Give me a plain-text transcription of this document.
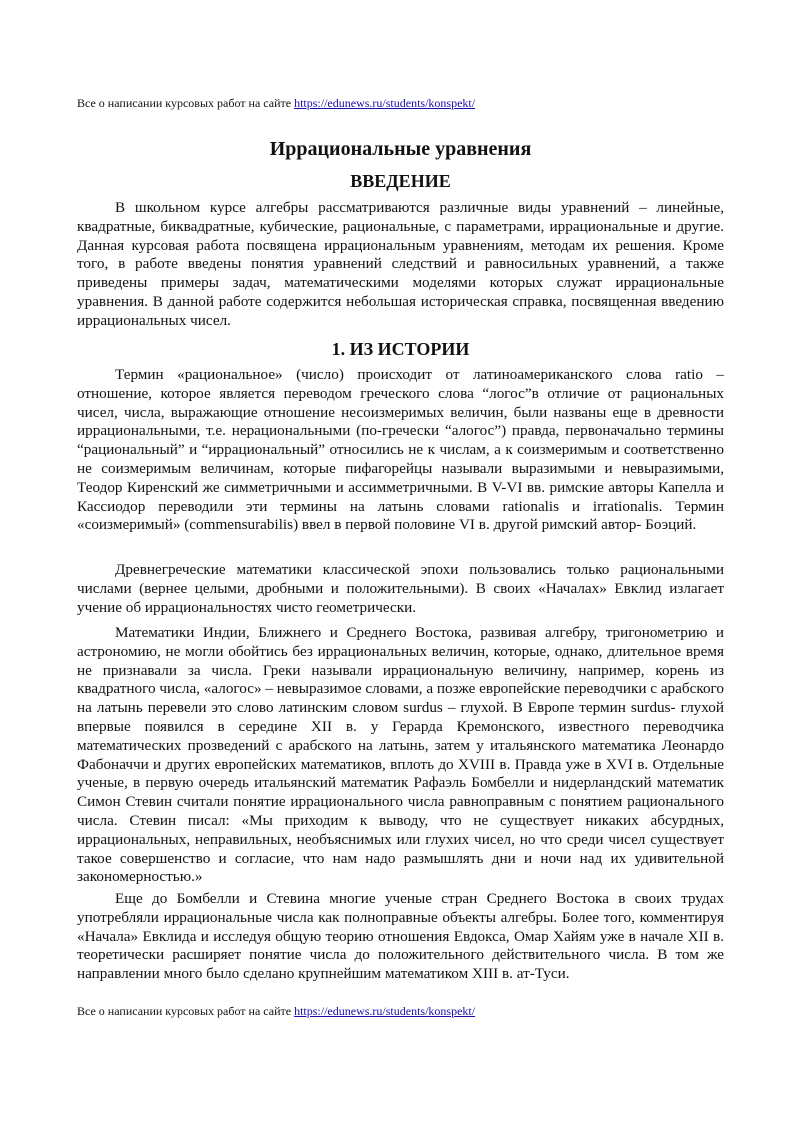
Все о написании курсовых работ на сайте https://edunews.ru/students/konspekt/
Иррациональные уравнения
ВВЕДЕНИЕ

В школьном курсе алгебры рассматриваются различные виды уравнений – линейные, квадратные, биквадратные, кубические, рациональные, с параметрами, иррациональные и другие. Данная курсовая работа посвящена иррациональным уравнениям, методам их решения. Кроме того, в работе введены понятия уравнений следствий и равносильных уравнений, а также приведены примеры задач, математическими моделями которых служат иррациональные уравнения. В данной работе содержится небольшая историческая справка, посвященная введению иррациональных чисел.

1. ИЗ ИСТОРИИ

Термин «рациональное» (число) происходит от латиноамериканского слова ratio – отношение, которое является переводом греческого слова “логос”в отличие от рациональных чисел, числа, выражающие отношение несоизмеримых величин, были названы еще в древности иррациональными, т.е. нерациональными (по-гречески “алогос”) правда, первоначально термины “рациональный” и “иррациональный” относились не к числам, а к соизмеримым и соответственно не соизмеримым величинам, которые пифагорейцы называли выразимыми и невыразимыми, Теодор Киренский же симметричными и ассимметричными. В V-VI вв. римские авторы Капелла и Кассиодор переводили эти термины на латынь словами rationalis и irrationalis. Термин «соизмеримый» (commensurabilis) ввел в первой половине VI в. другой римский автор- Боэций.

Древнегреческие математики классической эпохи пользовались только рациональными числами (вернее целыми, дробными и положительными). В своих «Началах» Евклид излагает учение об иррациональностях чисто геометрически.

Математики Индии, Ближнего и Среднего Востока, развивая алгебру, тригонометрию и астрономию, не могли обойтись без иррациональных величин, которые, однако, длительное время не признавали за числа. Греки называли иррациональную величину, например, корень из квадратного числа, «алогос» – невыразимое словами, а позже европейские переводчики с арабского на латынь перевели это слово латинским словом surdus – глухой. В Европе термин surdus- глухой впервые появился в середине XII в. у Герарда Кремонского, известного переводчика математических прозведений с арабского на латынь, затем у итальянского математика Леонардо Фабоначчи и других европейских математиков, вплоть до XVIII в. Правда уже в XVI в. Отдельные ученые, в первую очередь итальянский математик Рафаэль Бомбелли и нидерландский математик Симон Стевин считали понятие иррационального числа равноправным с понятием рационального числа. Стевин писал: «Мы приходим к выводу, что не существует никаких абсурдных, иррациональных, неправильных, необъяснимых или глухих чисел, но что среди чисел существует такое совершенство и согласие, что нам надо размышлять дни и ночи над их удивительной закономерностью.»

Еще до Бомбелли и Стевина многие ученые стран Среднего Востока в своих трудах употребляли иррациональные числа как полноправные объекты алгебры. Более того, комментируя «Начала» Евклида и исследуя общую теорию отношения Евдокса, Омар Хайям уже в начале XII в. теоретически расширяет понятие числа до положительного действительного числа. В том же направлении много было сделано крупнейшим математиком XIII в. ат-Туси.

Все о написании курсовых работ на сайте https://edunews.ru/students/konspekt/
